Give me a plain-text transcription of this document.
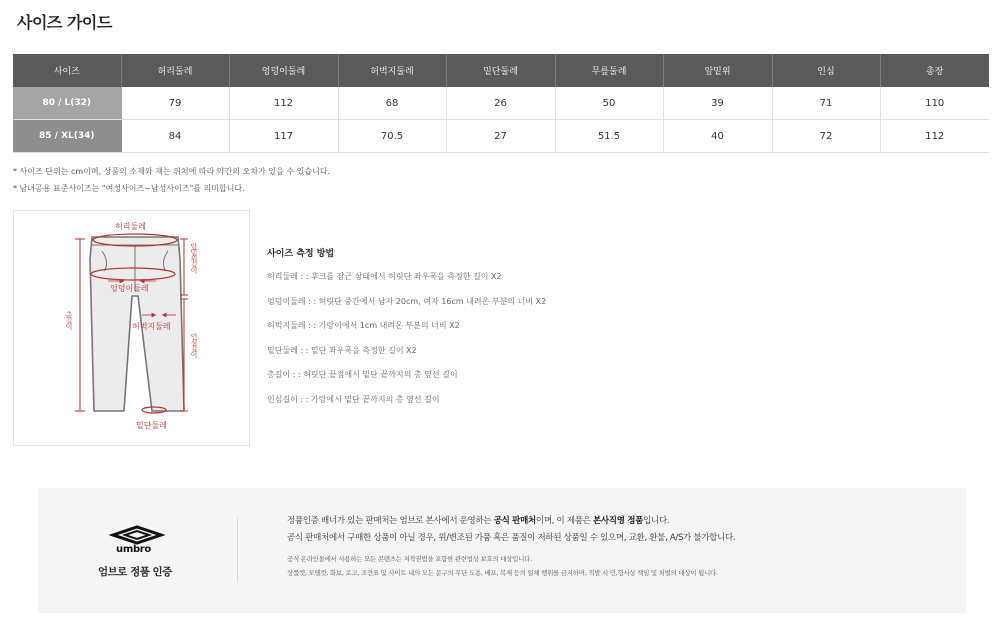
사이즈 가이드
사이즈	허리둘레	엉덩이둘레	허벅지둘레	밑단둘레	무릎둘레	앞밑위	인심	총장
80 / L(32)	79	112	68	26	50	39	71	110
85 / XL(34)	84	117	70.5	27	51.5	40	72	112
* 사이즈 단위는 cm이며, 상품의 소재와 재는 위치에 따라 약간의 오차가 있을 수 있습니다.
* 남녀공용 표준사이즈는 "여성사이즈~남성사이즈"를 의미합니다.
허리둘레
엉덩이둘레
허벅지둘레
밑단둘레
총길이
앞밑위길이
인심길이
사이즈 측정 방법
허리둘레 : : 후크를 잠근 상태에서 허릿단 좌우폭을 측정한 길이 X2
엉덩이둘레 : : 허릿단 중간에서 남자 20cm, 여자 16cm 내려온 부분의 너비 X2
허벅지둘레 : : 가랑이에서 1cm 내려온 부분의 너비 X2
밑단둘레 : : 밑단 좌우폭을 측정한 길이 X2
총길이 : : 허릿단 끝점에서 밑단 끝까지의 총 옆선 길이
인심길이 : : 가랑에서 밑단 끝까지의 총 옆선 길이
umbro
엄브로 정품 인증
정품인증 배너가 있는 판매처는 엄브로 본사에서 운영하는 공식 판매처이며, 이 제품은 본사직영 정품입니다.
공식 판매처에서 구매한 상품이 아닐 경우, 위/변조된 가품 혹은 품질이 저하된 상품일 수 있으며, 교환, 환불, A/S가 불가합니다.
공식 온라인몰에서 사용하는 모든 콘텐츠는 저작권법을 포함한 관련법상 보호의 대상입니다.
상품컷, 모델컷, 화보, 로고, 조견표 및 사이트 내의 모든 문구의 무단 도용, 배포, 복제 등의 일체 행위를 금지하며, 적발 시 민,형사상 책임 및 처벌의 대상이 됩니다.
